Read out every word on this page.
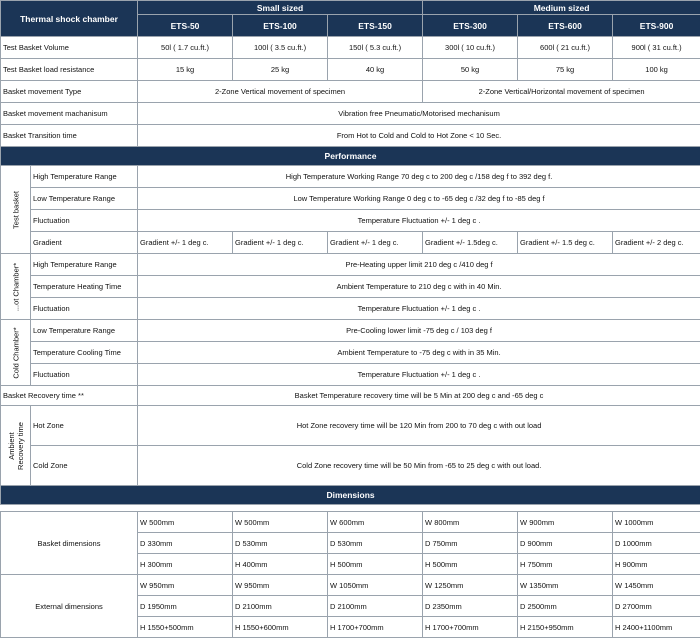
Thermal shock chamber		Small sized			Medium sized		
		ETS-50	ETS-100	ETS-150	ETS-300	ETS-600	ETS-900
Test Basket Volume		50l ( 1.7 cu.ft.)	100l ( 3.5 cu.ft.)	150l ( 5.3 cu.ft.)	300l ( 10 cu.ft.)	600l ( 21 cu.ft.)	900l ( 31 cu.ft.)
Test Basket load resistance		15 kg	25 kg	40 kg	50 kg	75 kg	100 kg
Basket movement Type		2-Zone Vertical movement of specimen			2-Zone Vertical/Horizontal movement of specimen		
Basket movement machanisum		Vibration free Pneumatic/Motorised mechanisum					
Basket Transition time		From Hot to Cold and Cold to Hot Zone < 10 Sec.					
Performance							

Test basket	High Temperature Range	High Temperature Working Range 70 deg c to 200 deg c /158 deg f to 392 deg f.					
	Low Temperature Range	Low Temperature Working Range 0 deg c to -65 deg c /32 deg f to -85 deg f					
	Fluctuation	Temperature Fluctuation +/- 1 deg c .					
	Gradient	Gradient +/- 1 deg c.	Gradient +/- 1 deg c.	Gradient +/- 1 deg c.	Gradient +/- 1.5deg c.	Gradient +/- 1.5 deg c.	Gradient +/- 2 deg c.

...ot Chamber*	High Temperature Range	Pre-Heating upper limit 210 deg c /410 deg f					
	Temperature Heating Time	Ambient Temperature to 210 deg c with in 40 Min.					
	Fluctuation	Temperature Fluctuation +/- 1 deg c .					

Cold Chamber*	Low Temperature Range	Pre-Cooling lower limit -75 deg c / 103 deg f					
	Temperature Cooling Time	Ambient Temperature to -75 deg c with in 35 Min.					
	Fluctuation	Temperature Fluctuation +/- 1 deg c .					
Basket Recovery time **		Basket Temperature recovery time will be 5 Min at 200 deg c and -65 deg c					

Ambient Recovery time	Hot Zone	Hot Zone recovery time will be 120 Min from 200 to 70 deg c with out load					
	Cold Zone	Cold Zone recovery time will be 50 Min from -65 to 25 deg c with out load.					
Dimensions							

Basket dimensions		W 500mm	W 500mm	W 600mm	W 800mm	W 900mm	W 1000mm
		D 330mm	D 530mm	D 530mm	D 750mm	D 900mm	D 1000mm
		H 300mm	H 400mm	H 500mm	H 500mm	H 750mm	H 900mm
External dimensions		W 950mm	W 950mm	W 1050mm	W 1250mm	W 1350mm	W 1450mm
		D 1950mm	D 2100mm	D 2100mm	D 2350mm	D 2500mm	D 2700mm
		H 1550+500mm	H 1550+600mm	H 1700+700mm	H 1700+700mm	H 2150+950mm	H 2400+1100mm
